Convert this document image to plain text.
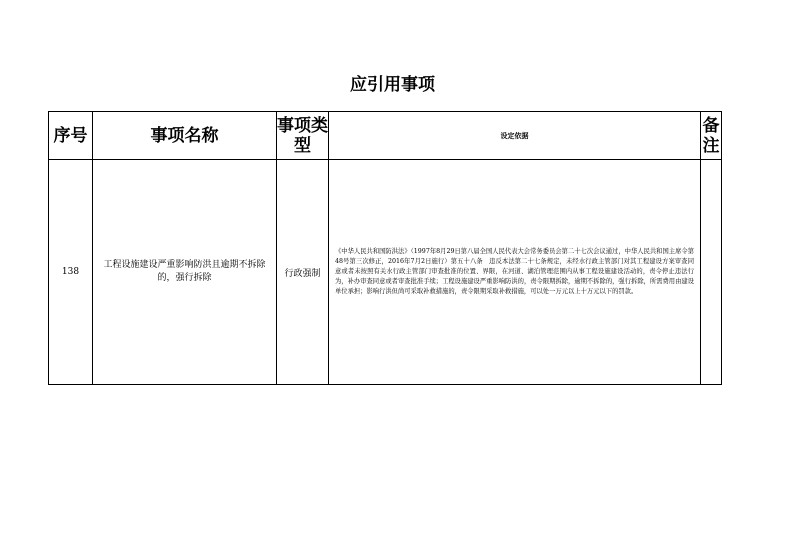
应引用事项
序号	事项名称	事项类型	设定依据	备注
138	工程设施建设严重影响防洪且逾期不拆除的，强行拆除	行政强制	《中华人民共和国防洪法》（1997年8月29日第八届全国人民代表大会常务委员会第二十七次会议通过，中华人民共和国主席令第48号第三次修正，2016年7月2日施行）第五十八条　违反本法第二十七条规定，未经水行政主管部门对其工程建设方案审查同意或者未按照有关水行政主管部门审查批准的位置、界限，在河道、湖泊管理范围内从事工程设施建设活动的，责令停止违法行为，补办审查同意或者审查批准手续；工程设施建设严重影响防洪的，责令限期拆除，逾期不拆除的，强行拆除，所需费用由建设单位承担；影响行洪但尚可采取补救措施的，责令限期采取补救措施，可以处一万元以上十万元以下的罚款。	
